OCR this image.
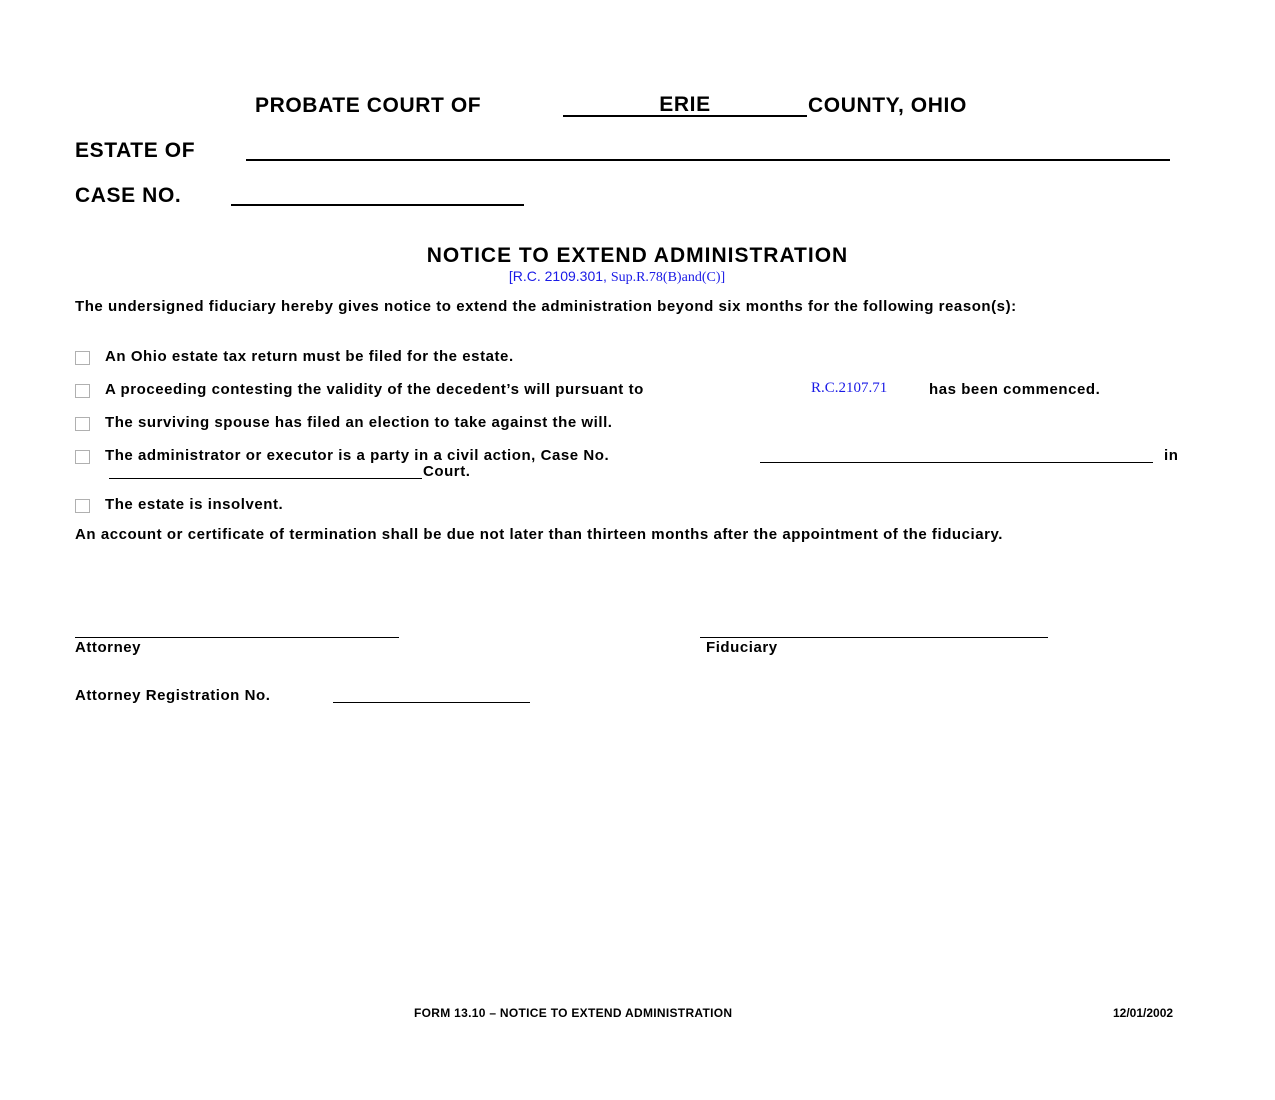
PROBATE COURT OF	ERIE	COUNTY, OHIO
ESTATE OF
CASE NO.
NOTICE TO EXTEND ADMINISTRATION
[R.C. 2109.301, Sup.R.78(B)and(C)]
The undersigned fiduciary hereby gives notice to extend the administration beyond six months for the following reason(s):
An Ohio estate tax return must be filed for the estate.
A proceeding contesting the validity of the decedent’s will pursuant to	R.C.2107.71	has been commenced.
The surviving spouse has filed an election to take against the will.
The administrator or executor is a party in a civil action, Case No.	in
Court.
The estate is insolvent.
An account or certificate of termination shall be due not later than thirteen months after the appointment of the fiduciary.
Attorney	Fiduciary
Attorney Registration No.
FORM 13.10 – NOTICE TO EXTEND ADMINISTRATION	12/01/2002
